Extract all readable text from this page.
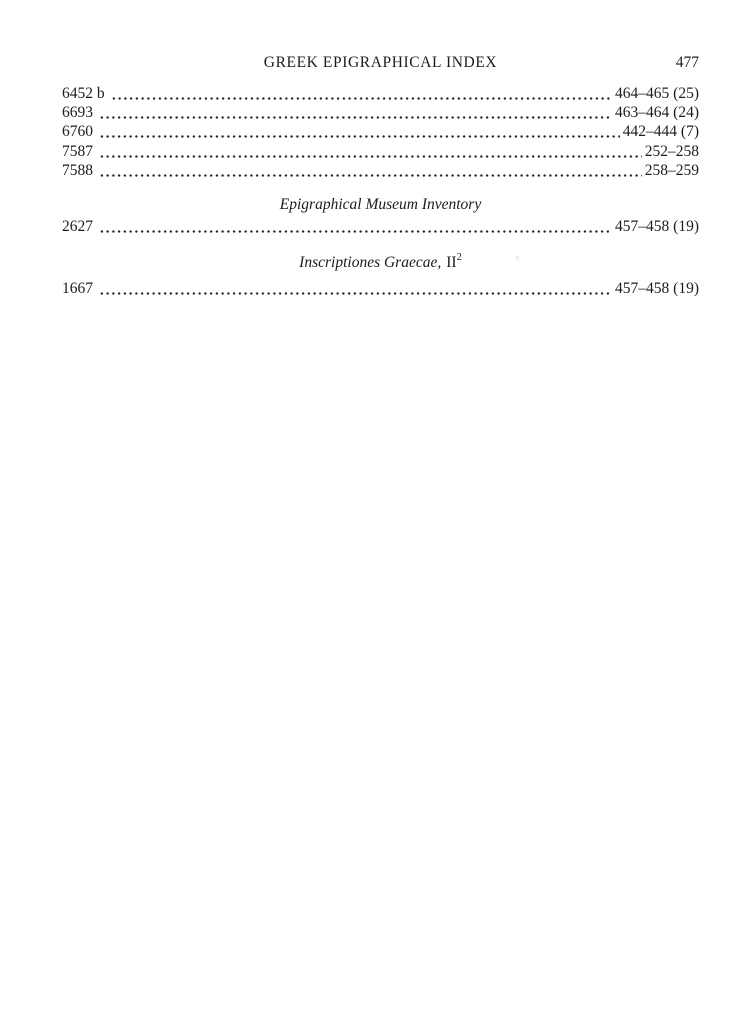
GREEK EPIGRAPHICAL INDEX	477
6452 b	464–465 (25)
6693	463–464 (24)
6760	442–444 (7)
7587	252–258
7588	258–259
Epigraphical Museum Inventory
2627	457–458 (19)
Inscriptiones Graecae, $II^2$
1667	457–458 (19)
